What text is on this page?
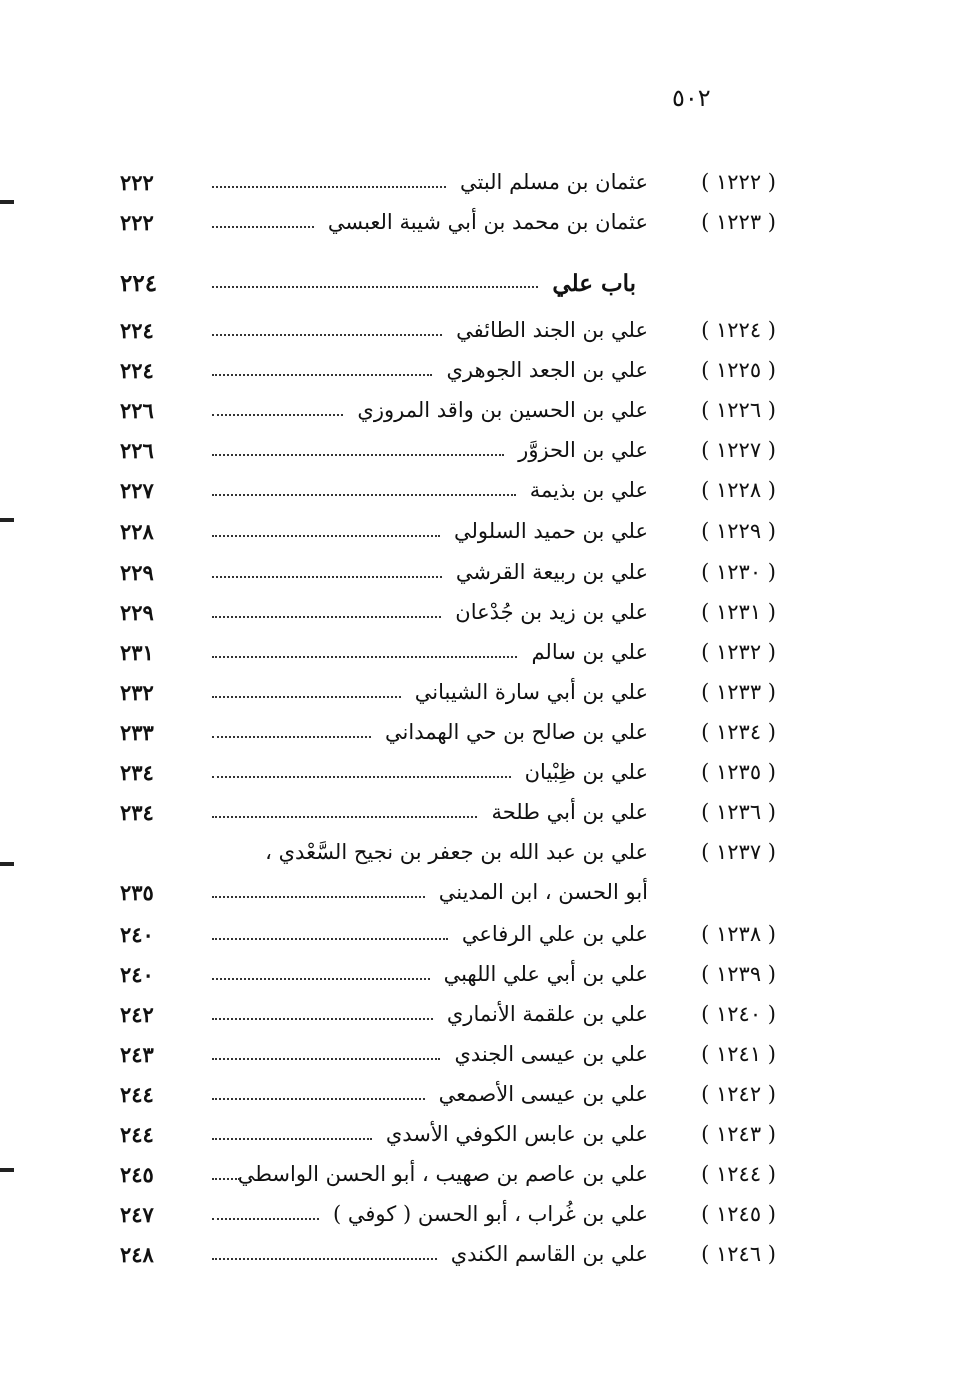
٥٠٢
( ١٢٢٢ )
عثمان بن مسلم البتي
٢٢٢
( ١٢٢٣ )
عثمان بن محمد بن أبي شيبة العبسي
٢٢٢
باب علي
٢٢٤
( ١٢٢٤ )
علي بن الجند الطائفي
٢٢٤
( ١٢٢٥ )
علي بن الجعد الجوهري
٢٢٤
( ١٢٢٦ )
علي بن الحسين بن واقد المروزي
٢٢٦
( ١٢٢٧ )
علي بن الحزوَّر
٢٢٦
( ١٢٢٨ )
علي بن بذيمة
٢٢٧
( ١٢٢٩ )
علي بن حميد السلولي
٢٢٨
( ١٢٣٠ )
علي بن ربيعة القرشي
٢٢٩
( ١٢٣١ )
علي بن زيد بن جُدْعان
٢٢٩
( ١٢٣٢ )
علي بن سالم
٢٣١
( ١٢٣٣ )
علي بن أبي سارة الشيباني
٢٣٢
( ١٢٣٤ )
علي بن صالح بن حي الهمداني
٢٣٣
( ١٢٣٥ )
علي بن ظِبْيان
٢٣٤
( ١٢٣٦ )
علي بن أبي طلحة
٢٣٤
( ١٢٣٧ )
علي بن عبد الله بن جعفر بن نجيح السَّعْدي ،
أبو الحسن ، ابن المديني
٢٣٥
( ١٢٣٨ )
علي بن علي الرفاعي
٢٤٠
( ١٢٣٩ )
علي بن أبي علي اللهبي
٢٤٠
( ١٢٤٠ )
علي بن علقمة الأنماري
٢٤٢
( ١٢٤١ )
علي بن عيسى الجندي
٢٤٣
( ١٢٤٢ )
علي بن عيسى الأصمعي
٢٤٤
( ١٢٤٣ )
علي بن عابس الكوفي الأسدي
٢٤٤
( ١٢٤٤ )
علي بن عاصم بن صهيب ، أبو الحسن الواسطي
٢٤٥
( ١٢٤٥ )
علي بن غُراب ، أبو الحسن ( كوفي )
٢٤٧
( ١٢٤٦ )
علي بن القاسم الكندي
٢٤٨
